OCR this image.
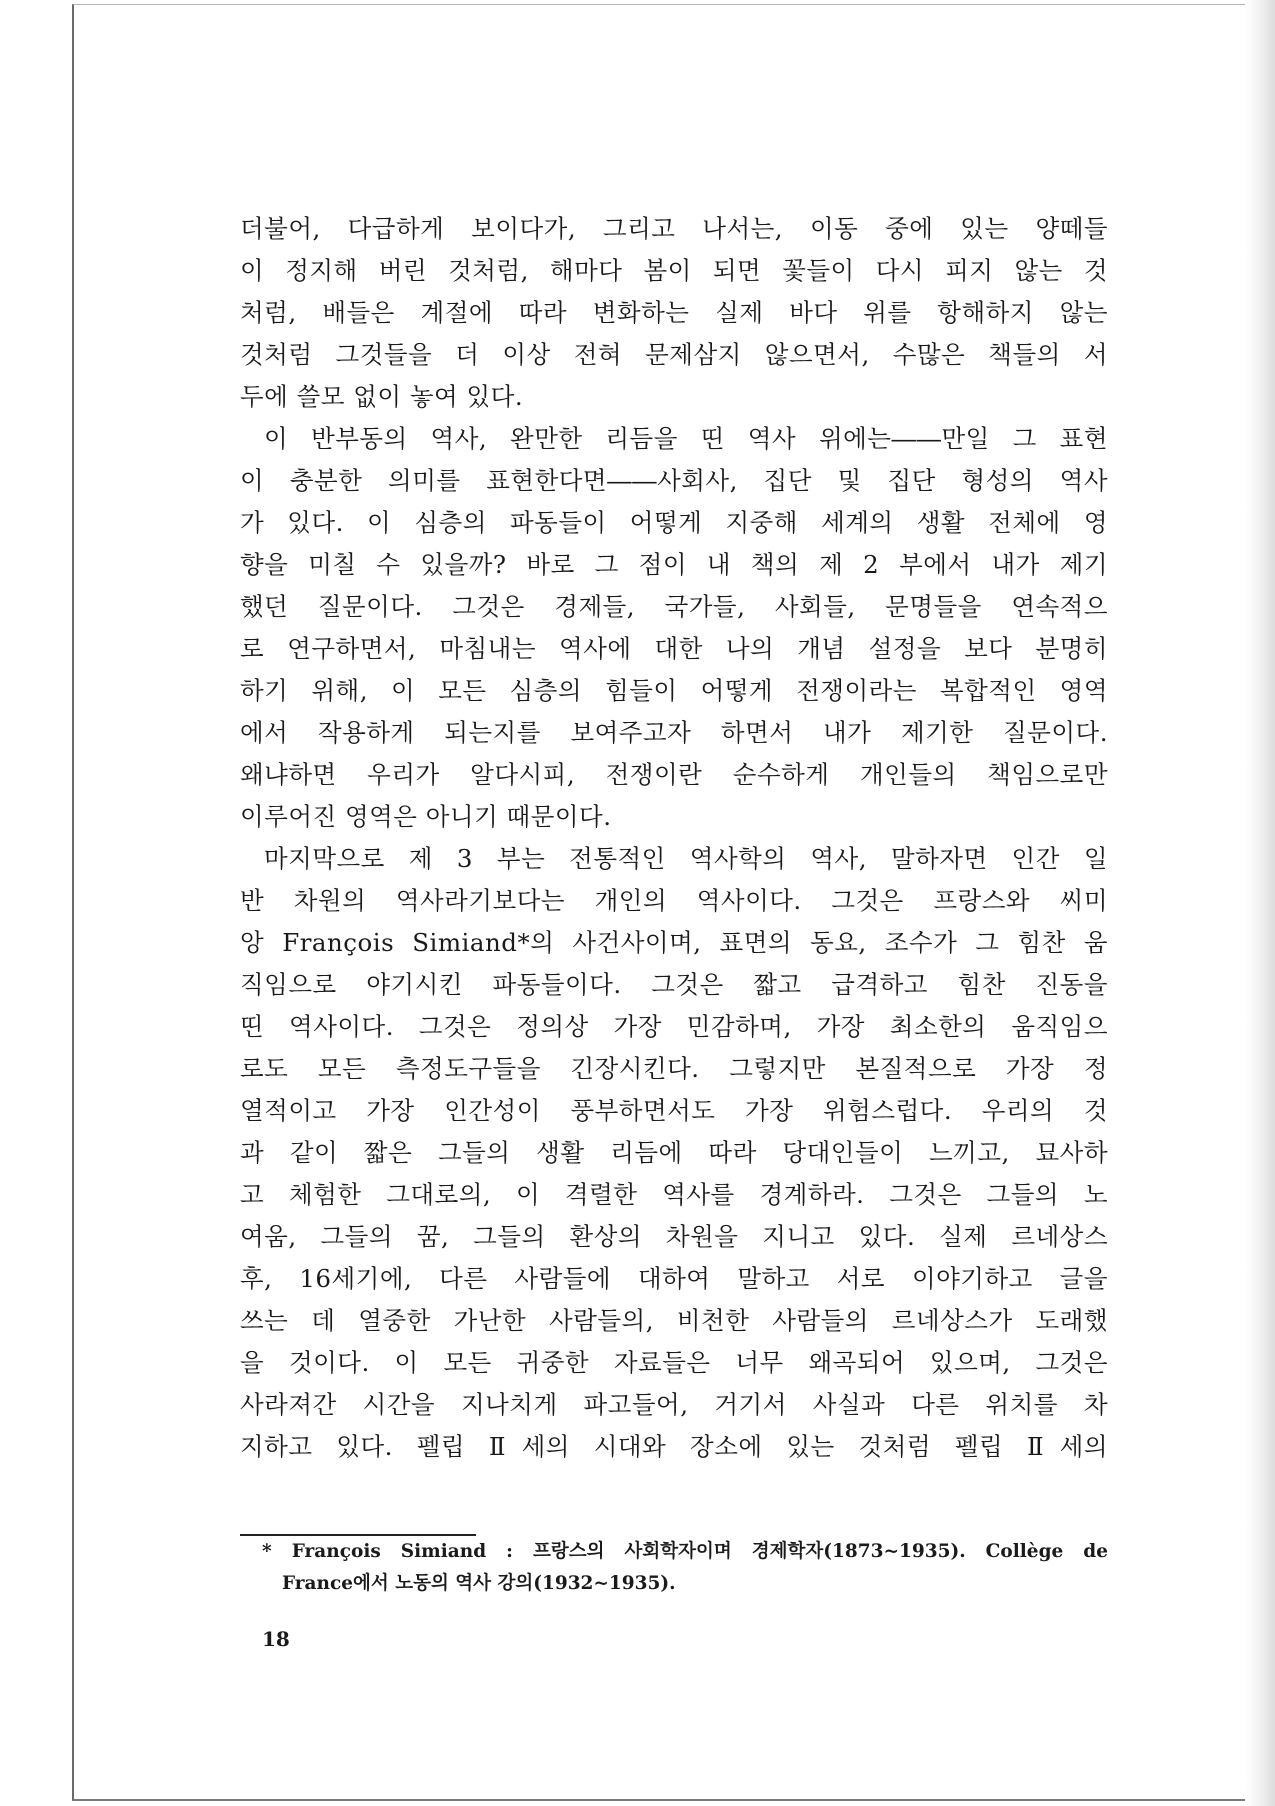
더불어, 다급하게 보이다가, 그리고 나서는, 이동 중에 있는 양떼들
이 정지해 버린 것처럼, 해마다 봄이 되면 꽃들이 다시 피지 않는 것
처럼, 배들은 계절에 따라 변화하는 실제 바다 위를 항해하지 않는
것처럼 그것들을 더 이상 전혀 문제삼지 않으면서, 수많은 책들의 서
두에 쓸모 없이 놓여 있다.
이 반부동의 역사, 완만한 리듬을 띤 역사 위에는――만일 그 표현
이 충분한 의미를 표현한다면――사회사, 집단 및 집단 형성의 역사
가 있다. 이 심층의 파동들이 어떻게 지중해 세계의 생활 전체에 영
향을 미칠 수 있을까? 바로 그 점이 내 책의 제 2 부에서 내가 제기
했던 질문이다. 그것은 경제들, 국가들, 사회들, 문명들을 연속적으
로 연구하면서, 마침내는 역사에 대한 나의 개념 설정을 보다 분명히
하기 위해, 이 모든 심층의 힘들이 어떻게 전쟁이라는 복합적인 영역
에서 작용하게 되는지를 보여주고자 하면서 내가 제기한 질문이다.
왜냐하면 우리가 알다시피, 전쟁이란 순수하게 개인들의 책임으로만
이루어진 영역은 아니기 때문이다.
마지막으로 제 3 부는 전통적인 역사학의 역사, 말하자면 인간 일
반 차원의 역사라기보다는 개인의 역사이다. 그것은 프랑스와 씨미
앙 François Simiand*의 사건사이며, 표면의 동요, 조수가 그 힘찬 움
직임으로 야기시킨 파동들이다. 그것은 짧고 급격하고 힘찬 진동을
띤 역사이다. 그것은 정의상 가장 민감하며, 가장 최소한의 움직임으
로도 모든 측정도구들을 긴장시킨다. 그렇지만 본질적으로 가장 정
열적이고 가장 인간성이 풍부하면서도 가장 위험스럽다. 우리의 것
과 같이 짧은 그들의 생활 리듬에 따라 당대인들이 느끼고, 묘사하
고 체험한 그대로의, 이 격렬한 역사를 경계하라. 그것은 그들의 노
여움, 그들의 꿈, 그들의 환상의 차원을 지니고 있다. 실제 르네상스
후, 16세기에, 다른 사람들에 대하여 말하고 서로 이야기하고 글을
쓰는 데 열중한 가난한 사람들의, 비천한 사람들의 르네상스가 도래했
을 것이다. 이 모든 귀중한 자료들은 너무 왜곡되어 있으며, 그것은
사라져간 시간을 지나치게 파고들어, 거기서 사실과 다른 위치를 차
지하고 있다. 펠립 Ⅱ세의 시대와 장소에 있는 것처럼 펠립 Ⅱ세의
* François Simiand : 프랑스의 사회학자이며 경제학자(1873~1935). Collège de
France에서 노동의 역사 강의(1932~1935).
18
